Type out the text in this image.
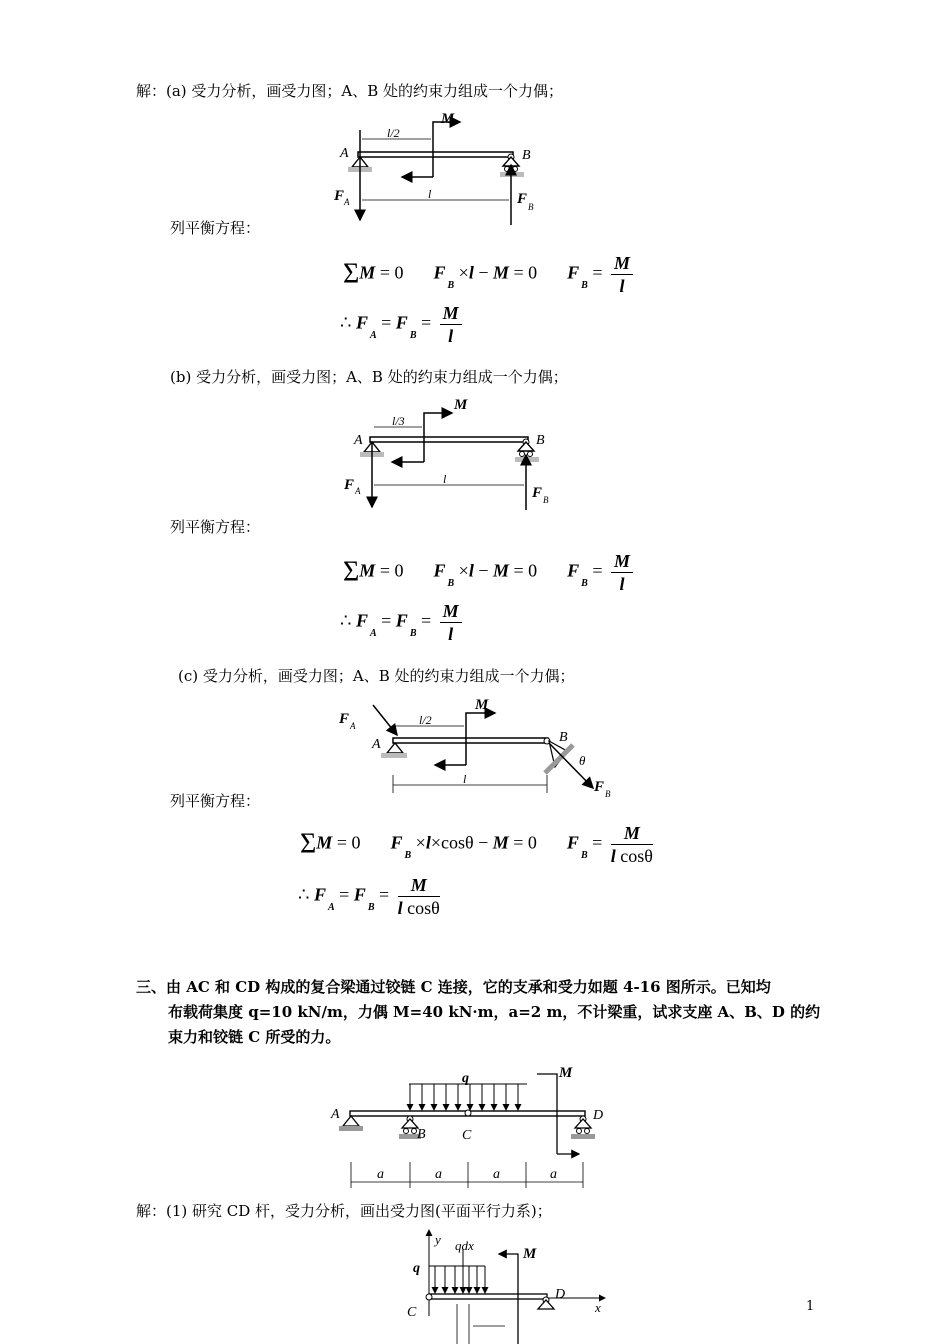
解：(a) 受力分析，画受力图；A、B 处的约束力组成一个力偶；
列平衡方程：
(b) 受力分析，画受力图；A、B 处的约束力组成一个力偶；
列平衡方程：
(c) 受力分析，画受力图；A、B 处的约束力组成一个力偶；
列平衡方程：
l/2
l
M
A	B
F A	F B
ΣM = 0 $F_B \times l - M = 0$ $F_B = \frac{M}{l}$
∴ $F_A = F_B = \frac{M}{l}$
l/3
l
M
A	B
F A	F B
ΣM = 0 $F_B \times l - M = 0$ $F_B = \frac{M}{l}$
∴ $F_A = F_B = \frac{M}{l}$
l/2
l
M
A	B
θ
F A
F B
ΣM = 0 $F_B \times l\times\cos\theta - M = 0$ $F_B = \frac{M}{\text{l cosθ}}$
∴ $F_A = F_B = \frac{M}{\text{l cosθ}}$
三、由 AC 和 CD 构成的复合梁通过铰链 C 连接，它的支承和受力如题 4-16 图所示。已知均
布载荷集度 q=10 kN/m，力偶 M=40 kN·m，a=2 m，不计梁重，试求支座 A、B、D 的约
束力和铰链 C 所受的力。
q	M
A
B	C
D
a	a	a	a
解：(1) 研究 CD 杆，受力分析，画出受力图(平面平行力系)；
y
x
qdx
q
M
C
D
1
